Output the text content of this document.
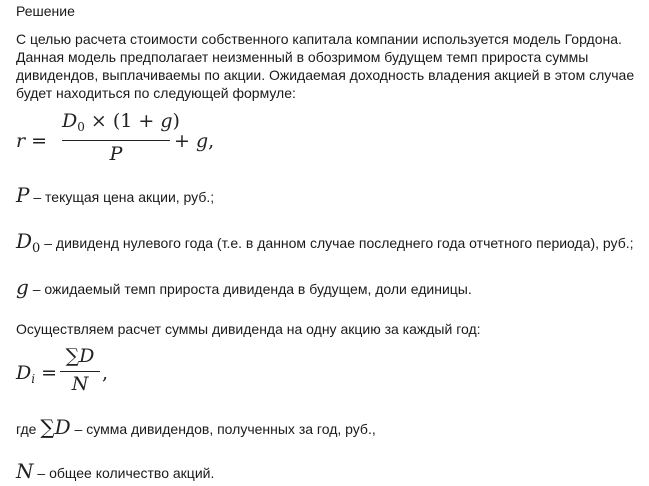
Решение
С целью расчета стоимости собственного капитала компании используется модель Гордона.
Данная модель предполагает неизменный в обозримом будущем темп прироста суммы
дивидендов, выплачиваемы по акции. Ожидаемая доходность владения акцией в этом случае
будет находиться по следующей формуле:
r =
$D_0 \times (1 + g)$
P
+ g,
P – текущая цена акции, руб.;
$D_0$ – дивиденд нулевого года (т.е. в данном случае последнего года отчетного периода), руб.;
g – ожидаемый темп прироста дивиденда в будущем, доли единицы.
Осуществляем расчет суммы дивиденда на одну акцию за каждый год:
$D_i$ =
∑D
N ,
где ∑D – сумма дивидендов, полученных за год, руб.,
N – общее количество акций.
